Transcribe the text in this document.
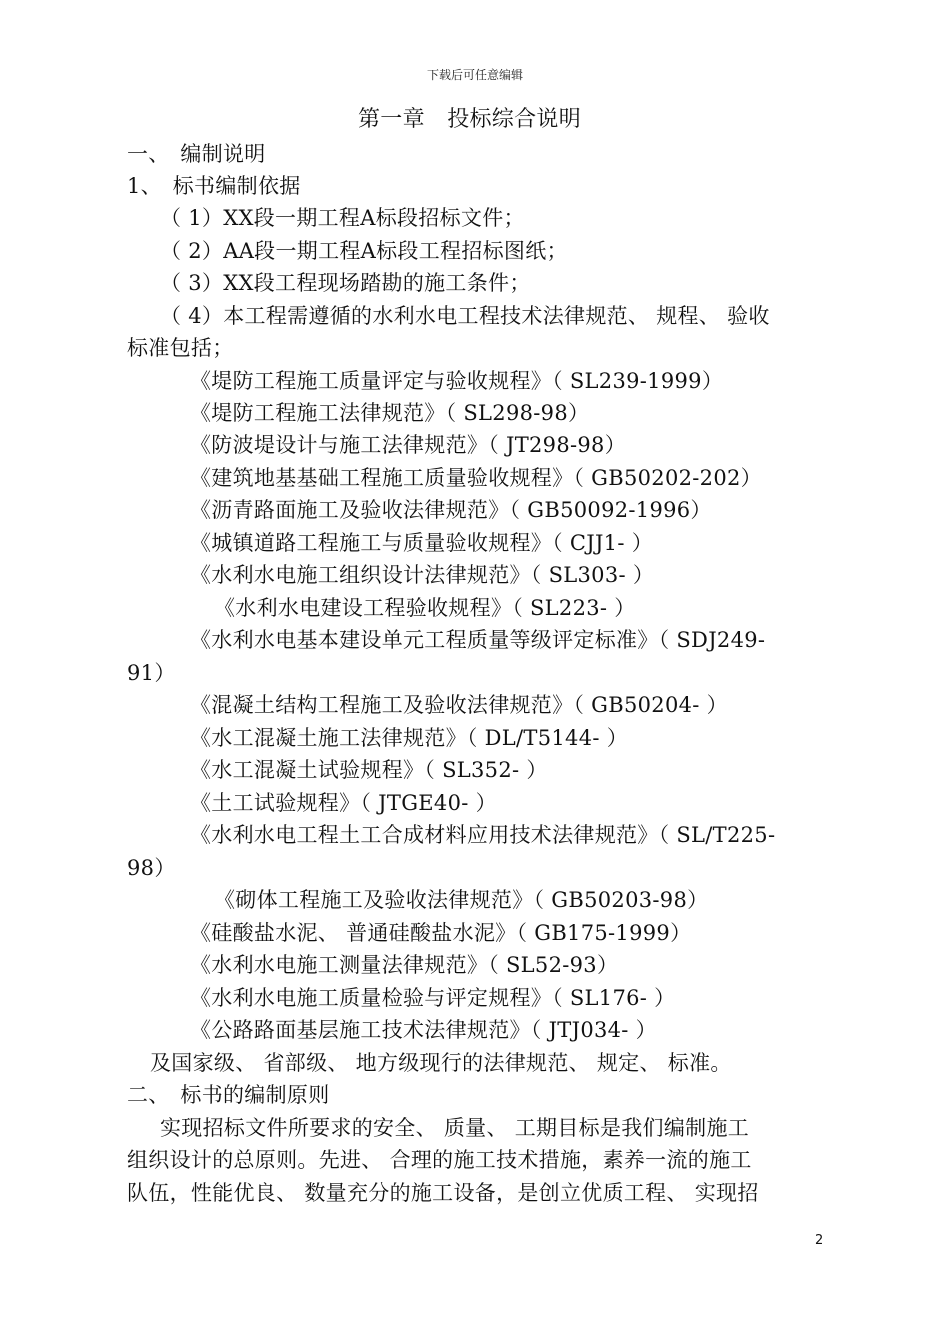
下载后可任意编辑
第一章　投标综合说明
一、　编制说明
1、　标书编制依据
（ 1）XX段一期工程A标段招标文件；
（ 2）AA段一期工程A标段工程招标图纸；
（ 3）XX段工程现场踏勘的施工条件；
（ 4）本工程需遵循的水利水电工程技术法律规范、 规程、 验收
标准包括；
《堤防工程施工质量评定与验收规程》（ SL239-1999）
《堤防工程施工法律规范》（ SL298-98）
《防波堤设计与施工法律规范》（ JT298-98）
《建筑地基基础工程施工质量验收规程》（ GB50202-202）
《沥青路面施工及验收法律规范》（ GB50092-1996）
《城镇道路工程施工与质量验收规程》（ CJJ1- ）
《水利水电施工组织设计法律规范》（ SL303- ）
《水利水电建设工程验收规程》（ SL223- ）
《水利水电基本建设单元工程质量等级评定标准》（ SDJ249-
91）
《混凝土结构工程施工及验收法律规范》（ GB50204- ）
《水工混凝土施工法律规范》（ DL/T5144- ）
《水工混凝土试验规程》（ SL352- ）
《土工试验规程》（ JTGE40- ）
《水利水电工程土工合成材料应用技术法律规范》（ SL/T225-
98）
《砌体工程施工及验收法律规范》（ GB50203-98）
《硅酸盐水泥、 普通硅酸盐水泥》（ GB175-1999）
《水利水电施工测量法律规范》（ SL52-93）
《水利水电施工质量检验与评定规程》（ SL176- ）
《公路路面基层施工技术法律规范》（ JTJ034- ）
及国家级、 省部级、 地方级现行的法律规范、 规定、 标准。
二、　标书的编制原则
实现招标文件所要求的安全、 质量、 工期目标是我们编制施工
组织设计的总原则。先进、 合理的施工技术措施，素养一流的施工
队伍，性能优良、 数量充分的施工设备，是创立优质工程、 实现招
2
